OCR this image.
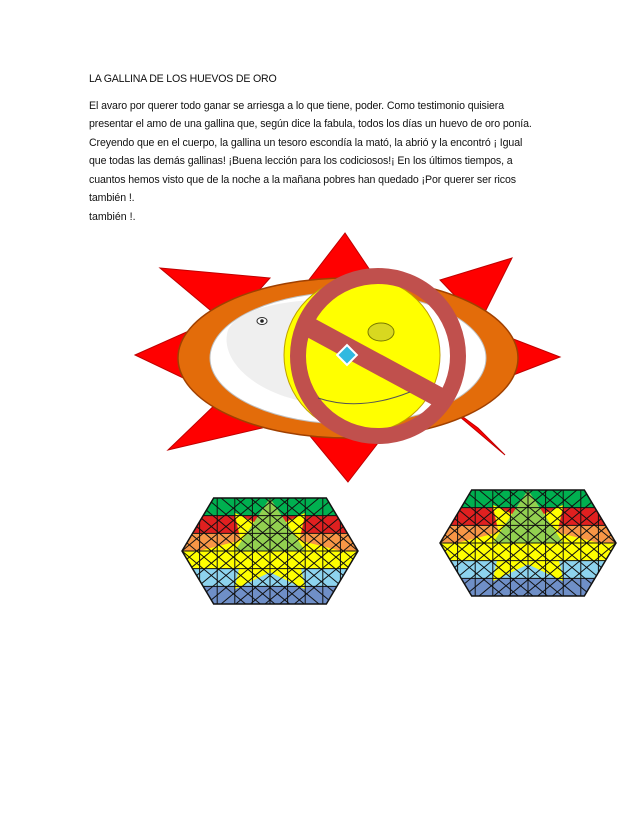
LA GALLINA DE LOS HUEVOS DE ORO
El avaro por querer todo ganar se arriesga a lo que tiene, poder. Como testimonio quisiera
presentar el amo de una gallina que, según dice la fabula, todos los días un huevo de oro ponía.
Creyendo que en el cuerpo, la gallina un tesoro escondía la mató, la abrió y la encontró ¡ Igual
que todas las demás gallinas! ¡Buena lección para los codiciosos!¡ En los últimos tiempos, a
cuantos hemos visto que de la noche a la mañana pobres han quedado ¡Por querer ser ricos
también !.
también !.
